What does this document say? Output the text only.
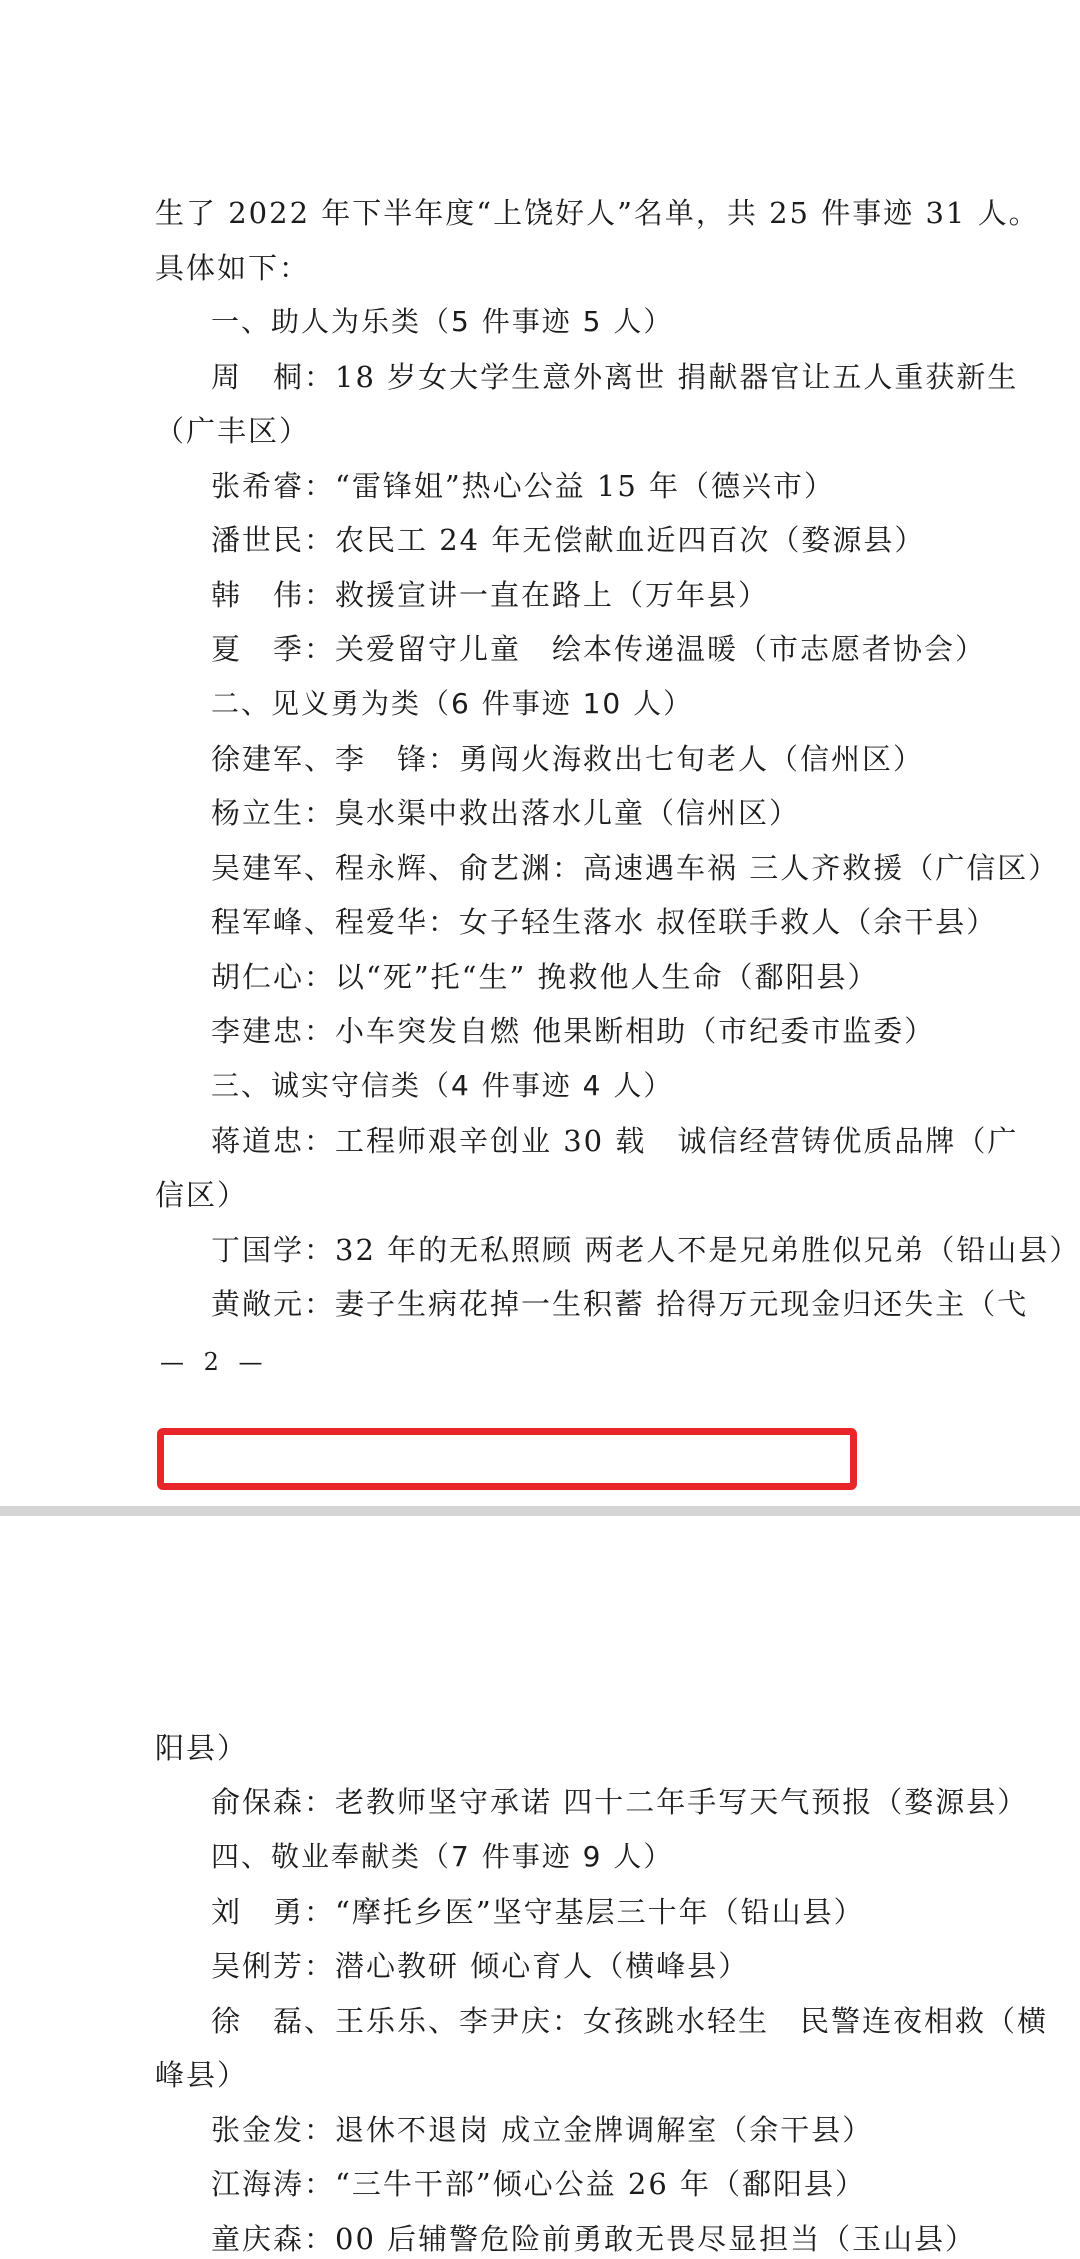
生了 2022 年下半年度“上饶好人”名单，共 25 件事迹 31 人。
具体如下：
一、助人为乐类（5 件事迹 5 人）
周　桐：18 岁女大学生意外离世 捐献器官让五人重获新生
（广丰区）
张希睿：“雷锋姐”热心公益 15 年（德兴市）
潘世民：农民工 24 年无偿献血近四百次（婺源县）
韩　伟：救援宣讲一直在路上（万年县）
夏　季：关爱留守儿童　绘本传递温暖（市志愿者协会）
二、见义勇为类（6 件事迹 10 人）
徐建军、李　锋：勇闯火海救出七旬老人（信州区）
杨立生：臭水渠中救出落水儿童（信州区）
吴建军、程永辉、俞艺渊：高速遇车祸 三人齐救援（广信区）
程军峰、程爱华：女子轻生落水 叔侄联手救人（余干县）
胡仁心：以“死”托“生” 挽救他人生命（鄱阳县）
李建忠：小车突发自燃 他果断相助（市纪委市监委）
三、诚实守信类（4 件事迹 4 人）
蒋道忠：工程师艰辛创业 30 载　诚信经营铸优质品牌（广
信区）
丁国学：32 年的无私照顾 两老人不是兄弟胜似兄弟（铅山县）
黄敞元：妻子生病花掉一生积蓄 拾得万元现金归还失主（弋
— 2 —
阳县）
俞保森：老教师坚守承诺 四十二年手写天气预报（婺源县）
四、敬业奉献类（7 件事迹 9 人）
刘　勇：“摩托乡医”坚守基层三十年（铅山县）
吴俐芳：潜心教研 倾心育人（横峰县）
徐　磊、王乐乐、李尹庆：女孩跳水轻生　民警连夜相救（横
峰县）
张金发：退休不退岗 成立金牌调解室（余干县）
江海涛：“三牛干部”倾心公益 26 年（鄱阳县）
童庆森：00 后辅警危险前勇敢无畏尽显担当（玉山县）
